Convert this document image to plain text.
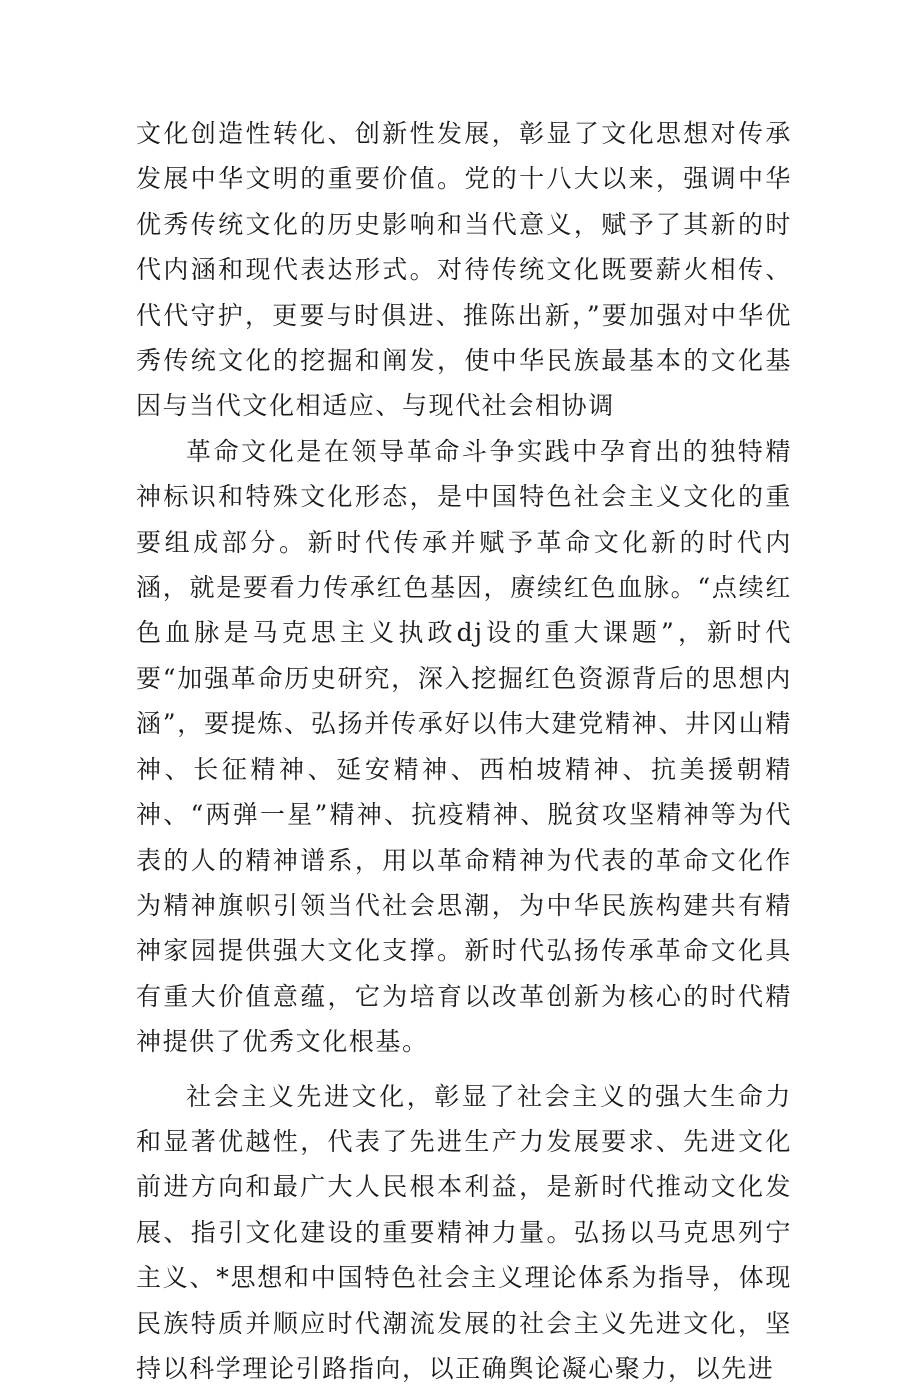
文化创造性转化、创新性发展，彰显了文化思想对传承发展中华文明的重要价值。党的十八大以来，强调中华优秀传统文化的历史影响和当代意义，赋予了其新的时代内涵和现代表达形式。对待传统文化既要薪火相传、代代守护，更要与时俱进、推陈出新，”要加强对中华优秀传统文化的挖掘和阐发，使中华民族最基本的文化基因与当代文化相适应、与现代社会相协调

革命文化是在领导革命斗争实践中孕育出的独特精神标识和特殊文化形态，是中国特色社会主义文化的重要组成部分。新时代传承并赋予革命文化新的时代内涵，就是要看力传承红色基因，赓续红色血脉。“点续红色血脉是马克思主义执政dj设的重大课题”，新时代要“加强革命历史研究，深入挖掘红色资源背后的思想内涵”，要提炼、弘扬并传承好以伟大建党精神、井冈山精神、长征精神、延安精神、西柏坡精神、抗美援朝精神、“两弹一星”精神、抗疫精神、脱贫攻坚精神等为代表的人的精神谱系，用以革命精神为代表的革命文化作为精神旗帜引领当代社会思潮，为中华民族构建共有精神家园提供强大文化支撑。新时代弘扬传承革命文化具有重大价值意蕴，它为培育以改革创新为核心的时代精神提供了优秀文化根基。

社会主义先进文化，彰显了社会主义的强大生命力和显著优越性，代表了先进生产力发展要求、先进文化前进方向和最广大人民根本利益，是新时代推动文化发展、指引文化建设的重要精神力量。弘扬以马克思列宁主义、*思想和中国特色社会主义理论体系为指导，体现民族特质并顺应时代潮流发展的社会主义先进文化，坚持以科学理论引路指向，以正确舆论凝心聚力，以先进
